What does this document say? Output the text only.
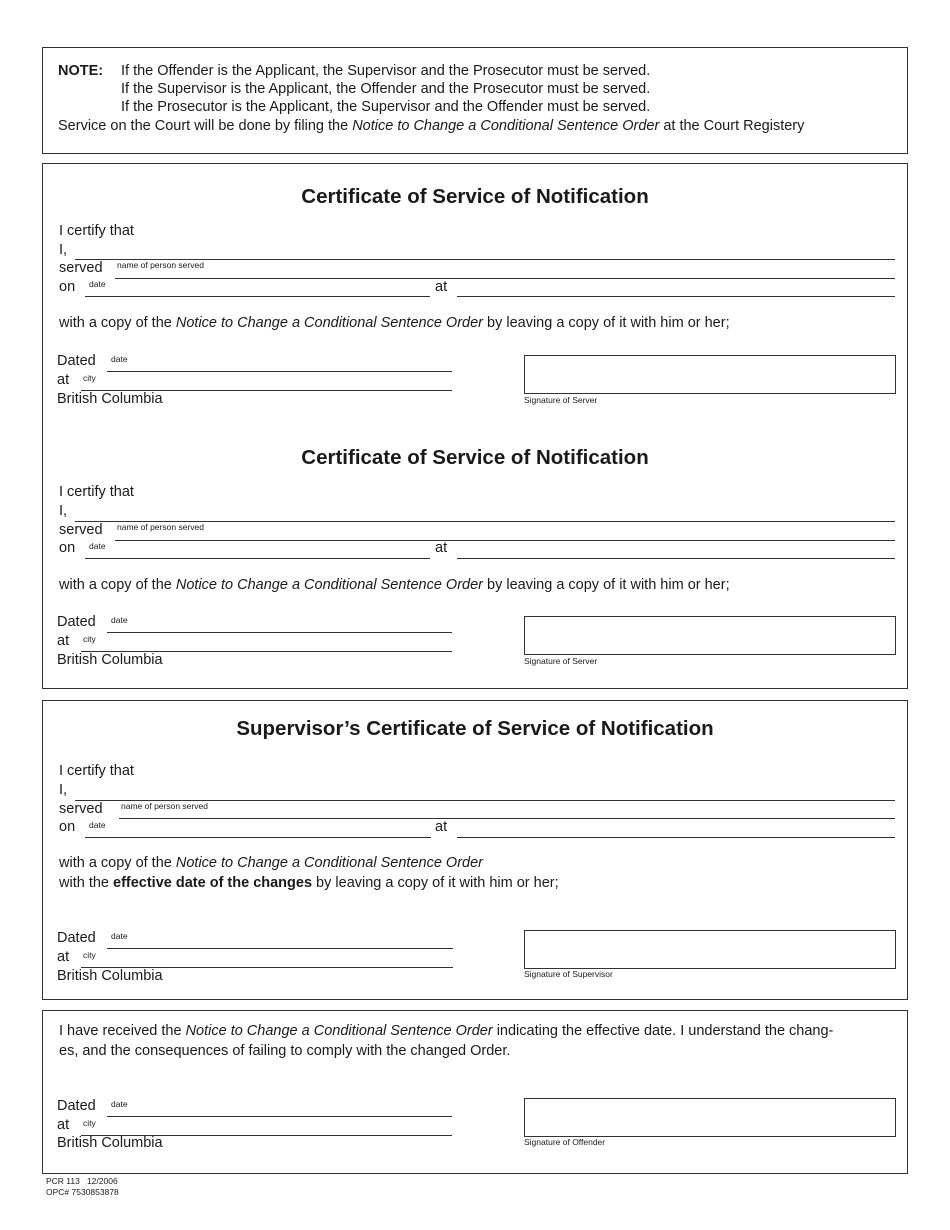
NOTE: If the Offender is the Applicant, the Supervisor and the Prosecutor must be served.
If the Supervisor is the Applicant, the Offender and the Prosecutor must be served.
If the Prosecutor is the Applicant, the Supervisor and the Offender must be served.
Service on the Court will be done by filing the Notice to Change a Conditional Sentence Order at the Court Registery
Certificate of Service of Notification
I certify that
I,
served name of person served
on date	at
with a copy of the Notice to Change a Conditional Sentence Order by leaving a copy of it with him or her;
Dated date
at city
British Columbia	Signature of Server
Certificate of Service of Notification
I certify that
I,
served name of person served
on date	at
with a copy of the Notice to Change a Conditional Sentence Order by leaving a copy of it with him or her;
Dated date
at city
British Columbia	Signature of Server
Supervisor’s Certificate of Service of Notification
I certify that
I,
served name of person served
on date	at
with a copy of the Notice to Change a Conditional Sentence Order
with the effective date of the changes by leaving a copy of it with him or her;
Dated date
at city
British Columbia	Signature of Supervisor
I have received the Notice to Change a Conditional Sentence Order indicating the effective date. I understand the chang-
es, and the consequences of failing to comply with the changed Order.
Dated date
at city
British Columbia	Signature of Offender
PCR 113   12/2006
OPC# 7530853878
